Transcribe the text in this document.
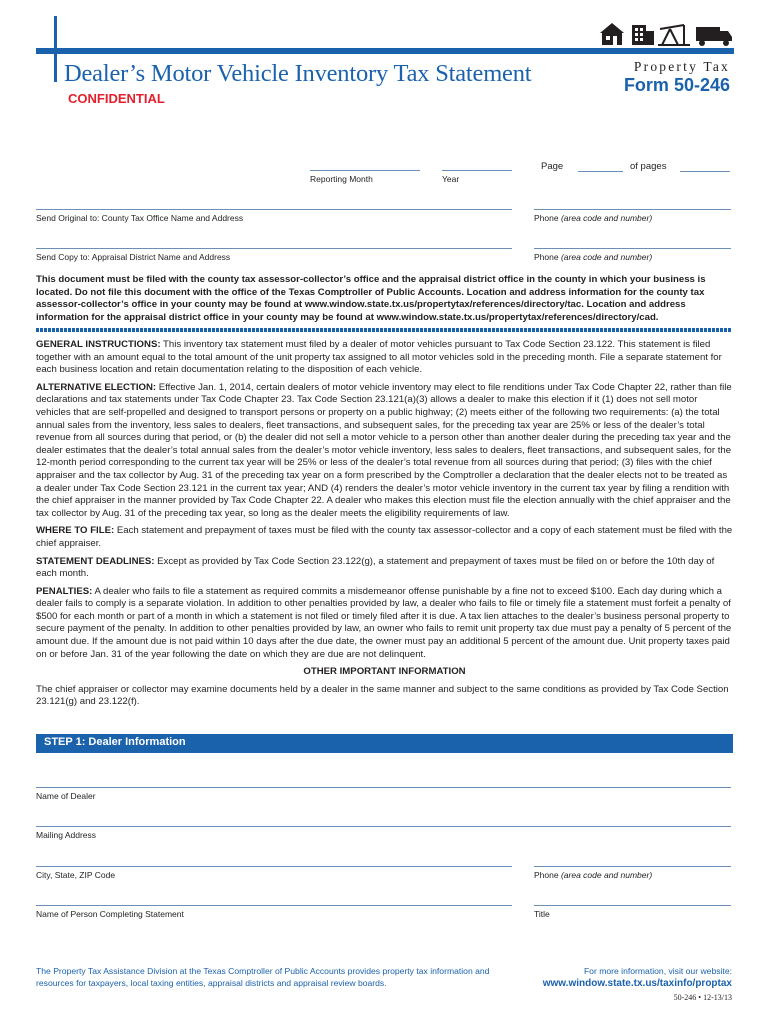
Dealer’s Motor Vehicle Inventory Tax Statement
CONFIDENTIAL
Property Tax
Form 50-246
Reporting Month	Year
Page	of pages
Send Original to: County Tax Office Name and Address	Phone (area code and number)
Send Copy to: Appraisal District Name and Address	Phone (area code and number)
This document must be filed with the county tax assessor-collector’s office and the appraisal district office in the county in which your business is located. Do not file this document with the office of the Texas Comptroller of Public Accounts. Location and address information for the county tax assessor-collector’s office in your county may be found at www.window.state.tx.us/propertytax/references/directory/tac. Location and address information for the appraisal district office in your county may be found at www.window.state.tx.us/propertytax/references/directory/cad.

GENERAL INSTRUCTIONS: This inventory tax statement must filed by a dealer of motor vehicles pursuant to Tax Code Section 23.122. This statement is filed together with an amount equal to the total amount of the unit property tax assigned to all motor vehicles sold in the preceding month. File a separate statement for each business location and retain documentation relating to the disposition of each vehicle.

ALTERNATIVE ELECTION: Effective Jan. 1, 2014, certain dealers of motor vehicle inventory may elect to file renditions under Tax Code Chapter 22, rather than file declarations and tax statements under Tax Code Chapter 23. Tax Code Section 23.121(a)(3) allows a dealer to make this election if it (1) does not sell motor vehicles that are self-propelled and designed to transport persons or property on a public highway; (2) meets either of the following two requirements: (a) the total annual sales from the inventory, less sales to dealers, fleet transactions, and subsequent sales, for the preceding tax year are 25% or less of the dealer’s total revenue from all sources during that period, or (b) the dealer did not sell a motor vehicle to a person other than another dealer during the preceding tax year and the dealer estimates that the dealer’s total annual sales from the dealer’s motor vehicle inventory, less sales to dealers, fleet transactions, and subsequent sales, for the 12-month period corresponding to the current tax year will be 25% or less of the dealer’s total revenue from all sources during that period; (3) files with the chief appraiser and the tax collector by Aug. 31 of the preceding tax year on a form prescribed by the Comptroller a declaration that the dealer elects not to be treated as a dealer under Tax Code Section 23.121 in the current tax year; AND (4) renders the dealer’s motor vehicle inventory in the current tax year by filing a rendition with the chief appraiser in the manner provided by Tax Code Chapter 22. A dealer who makes this election must file the election annually with the chief appraiser and the tax collector by Aug. 31 of the preceding tax year, so long as the dealer meets the eligibility requirements of law.

WHERE TO FILE: Each statement and prepayment of taxes must be filed with the county tax assessor-collector and a copy of each statement must be filed with the chief appraiser.

STATEMENT DEADLINES: Except as provided by Tax Code Section 23.122(g), a statement and prepayment of taxes must be filed on or before the 10th day of each month.

PENALTIES: A dealer who fails to file a statement as required commits a misdemeanor offense punishable by a fine not to exceed $100. Each day during which a dealer fails to comply is a separate violation. In addition to other penalties provided by law, a dealer who fails to file or timely file a statement must forfeit a penalty of $500 for each month or part of a month in which a statement is not filed or timely filed after it is due. A tax lien attaches to the dealer’s business personal property to secure payment of the penalty. In addition to other penalties provided by law, an owner who fails to remit unit property tax due must pay a penalty of 5 percent of the amount due. If the amount due is not paid within 10 days after the due date, the owner must pay an additional 5 percent of the amount due. Unit property taxes paid on or before Jan. 31 of the year following the date on which they are due are not delinquent.

OTHER IMPORTANT INFORMATION

The chief appraiser or collector may examine documents held by a dealer in the same manner and subject to the same conditions as provided by Tax Code Section 23.121(g) and 23.122(f).

STEP 1: Dealer Information
Name of Dealer
Mailing Address
City, State, ZIP Code	Phone (area code and number)
Name of Person Completing Statement	Title
The Property Tax Assistance Division at the Texas Comptroller of Public Accounts provides property tax information and resources for taxpayers, local taxing entities, appraisal districts and appraisal review boards.
For more information, visit our website:
www.window.state.tx.us/taxinfo/proptax
50-246 • 12-13/13
